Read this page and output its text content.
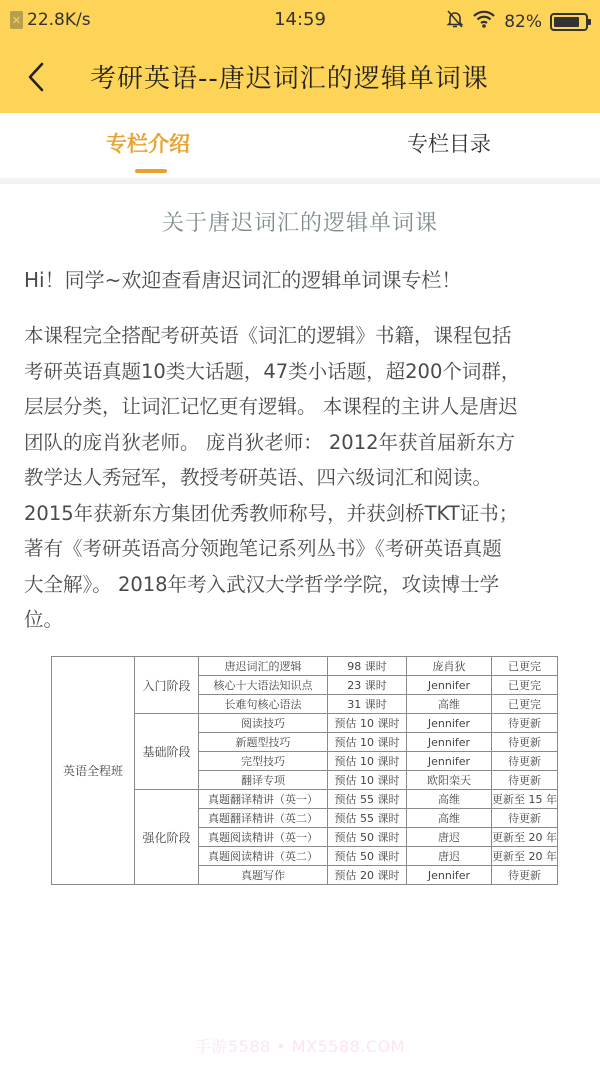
✕ 22.8K/s	14:59	82%
考研英语--唐迟词汇的逻辑单词课
专栏介绍	专栏目录
关于唐迟词汇的逻辑单词课
Hi！同学~欢迎查看唐迟词汇的逻辑单词课专栏！

本课程完全搭配考研英语《词汇的逻辑》书籍，课程包括

考研英语真题10类大话题，47类小话题，超200个词群，

层层分类，让词汇记忆更有逻辑。 本课程的主讲人是唐迟

团队的庞肖狄老师。 庞肖狄老师： 2012年获首届新东方

教学达人秀冠军，教授考研英语、四六级词汇和阅读。

2015年获新东方集团优秀教师称号，并获剑桥TKT证书；

著有《考研英语高分领跑笔记系列丛书》《考研英语真题

大全解》。 2018年考入武汉大学哲学学院，攻读博士学

位。

英语全程班	入门阶段	唐迟词汇的逻辑	98 课时	庞肖狄	已更完
		核心十大语法知识点	23 课时	Jennifer	已更完
		长难句核心语法	31 课时	高维	已更完
	基础阶段	阅读技巧	预估 10 课时	Jennifer	待更新
		新题型技巧	预估 10 课时	Jennifer	待更新
		完型技巧	预估 10 课时	Jennifer	待更新
		翻译专项	预估 10 课时	欧阳栾天	待更新
	强化阶段	真题翻译精讲（英一）	预估 55 课时	高维	更新至 15 年
		真题翻译精讲（英二）	预估 55 课时	高维	待更新
		真题阅读精讲（英一）	预估 50 课时	唐迟	更新至 20 年
		真题阅读精讲（英二）	预估 50 课时	唐迟	更新至 20 年
		真题写作	预估 20 课时	Jennifer	待更新
手游5588 • MX5588.COM
